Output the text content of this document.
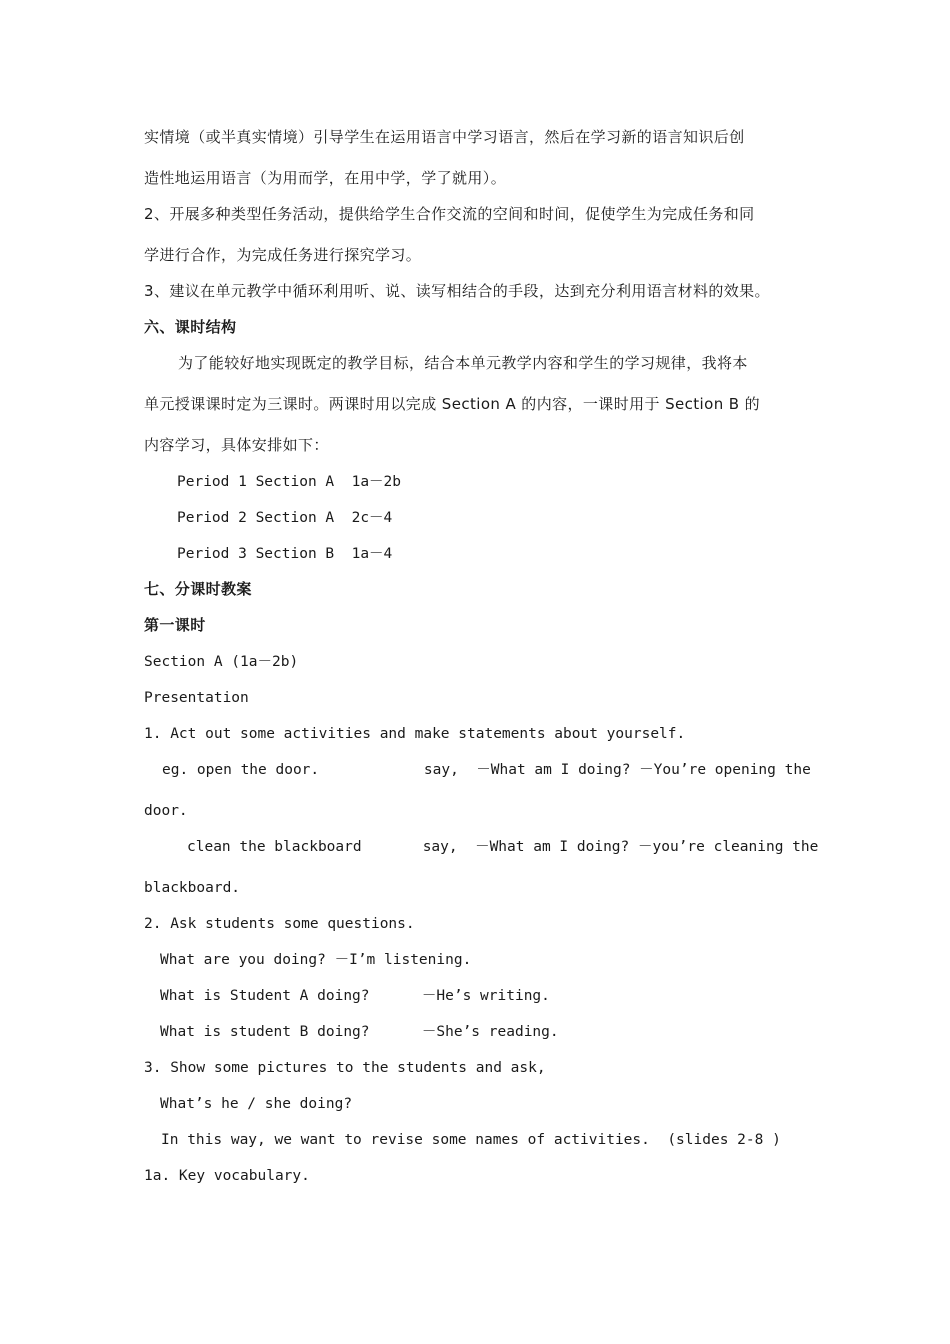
实情境（或半真实情境）引导学生在运用语言中学习语言，然后在学习新的语言知识后创
造性地运用语言（为用而学，在用中学，学了就用）。
2、开展多种类型任务活动，提供给学生合作交流的空间和时间，促使学生为完成任务和同
学进行合作，为完成任务进行探究学习。
3、建议在单元教学中循环利用听、说、读写相结合的手段，达到充分利用语言材料的效果。
六、课时结构
为了能较好地实现既定的教学目标，结合本单元教学内容和学生的学习规律，我将本
单元授课课时定为三课时。两课时用以完成 Section A 的内容，一课时用于 Section B 的
内容学习，具体安排如下：
Period 1 Section A  1a－2b
Period 2 Section A  2c－4
Period 3 Section B  1a－4
七、分课时教案
第一课时
Section A (1a－2b)
Presentation
1. Act out some activities and make statements about yourself.
eg. open the door.            say,  －What am I doing? －You’re opening the
door.
clean the blackboard       say,  －What am I doing? －you’re cleaning the
blackboard.
2. Ask students some questions.
What are you doing? －I’m listening.
What is Student A doing?      －He’s writing.
What is student B doing?      －She’s reading.
3. Show some pictures to the students and ask,
What’s he / she doing?
In this way, we want to revise some names of activities.  (slides 2-8 )
1a. Key vocabulary.
